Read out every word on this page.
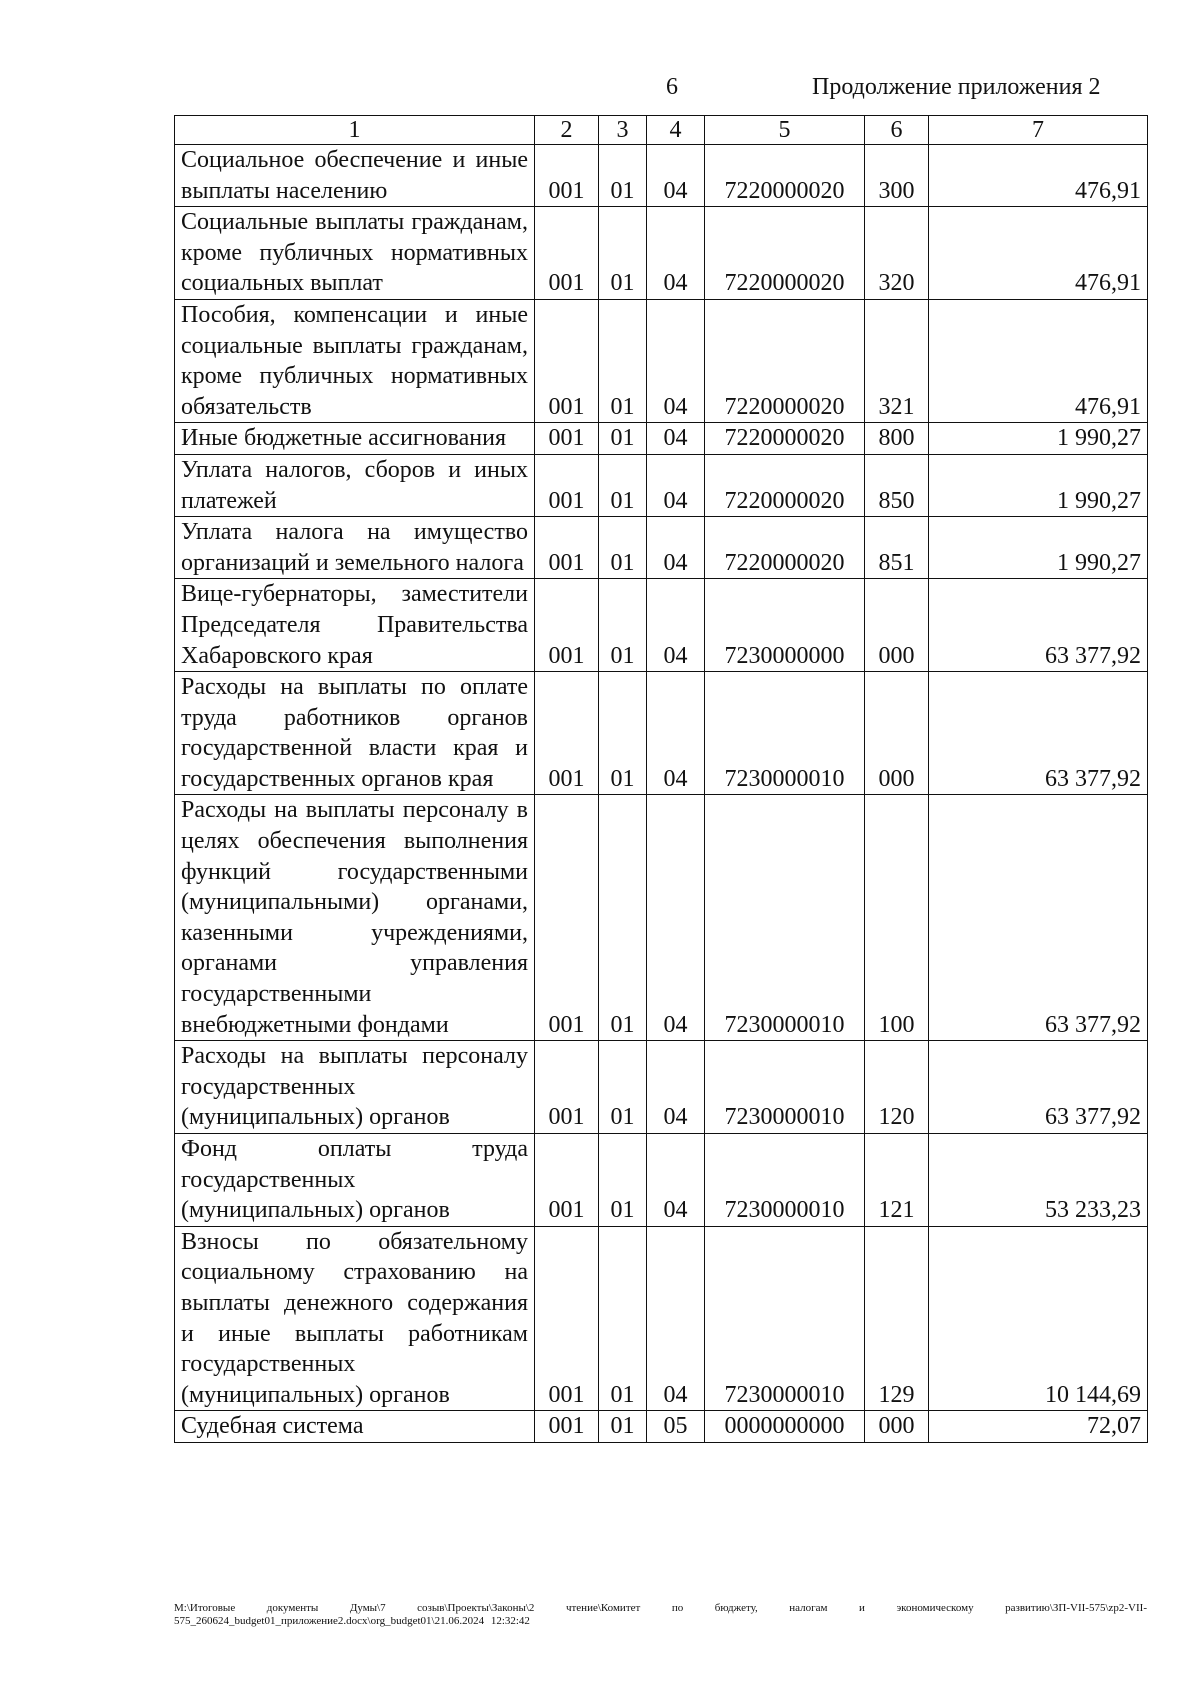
6	Продолжение приложения 2
1	2	3	4	5	6	7
Социальное обеспечение и иные выплаты населению	001	01	04	7220000020	300	476,91
Социальные выплаты гражданам, кроме публичных нормативных социальных выплат	001	01	04	7220000020	320	476,91
Пособия, компенсации и иные социальные выплаты гражданам, кроме публичных нормативных обязательств	001	01	04	7220000020	321	476,91
Иные бюджетные ассигнования	001	01	04	7220000020	800	1 990,27
Уплата налогов, сборов и иных платежей	001	01	04	7220000020	850	1 990,27
Уплата налога на имущество организаций и земельного налога	001	01	04	7220000020	851	1 990,27
Вице-губернаторы, заместители Председателя Правительства Хабаровского края	001	01	04	7230000000	000	63 377,92
Расходы на выплаты по оплате труда работников органов государственной власти края и государственных органов края	001	01	04	7230000010	000	63 377,92
Расходы на выплаты персоналу в целях обеспечения выполнения функций государственными (муниципальными) органами, казенными учреждениями, органами управления государственными внебюджетными фондами	001	01	04	7230000010	100	63 377,92
Расходы на выплаты персоналу государственных (муниципальных) органов	001	01	04	7230000010	120	63 377,92
Фонд оплаты труда государственных (муниципальных) органов	001	01	04	7230000010	121	53 233,23
Взносы по обязательному социальному страхованию на выплаты денежного содержания и иные выплаты работникам государственных (муниципальных) органов	001	01	04	7230000010	129	10 144,69
Судебная система	001	01	05	0000000000	000	72,07
M:\Итоговые документы Думы\7 созыв\Проекты\Законы\2 чтение\Комитет по бюджету, налогам и экономическому развитию\ЗП-VII-575\zp2-VII-575_260624_budget01_приложение2.docx\org_budget01\21.06.2024 12:32:42
